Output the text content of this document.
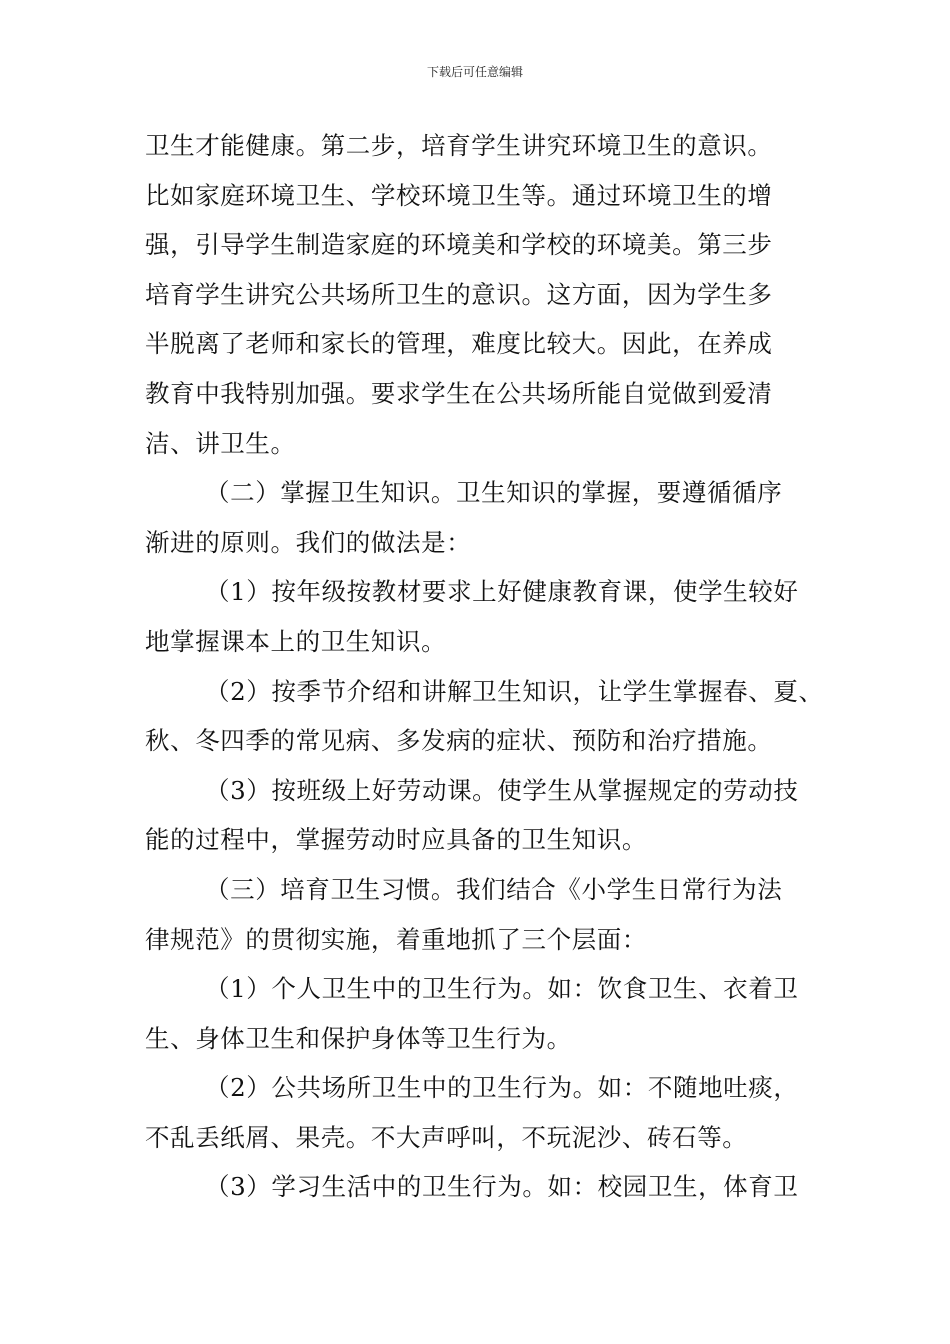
下载后可任意编辑
卫生才能健康。第二步，培育学生讲究环境卫生的意识。
比如家庭环境卫生、学校环境卫生等。通过环境卫生的增
强，引导学生制造家庭的环境美和学校的环境美。第三步
培育学生讲究公共场所卫生的意识。这方面，因为学生多
半脱离了老师和家长的管理，难度比较大。因此，在养成
教育中我特别加强。要求学生在公共场所能自觉做到爱清
洁、讲卫生。
（二）掌握卫生知识。卫生知识的掌握，要遵循循序
渐进的原则。我们的做法是：
（1）按年级按教材要求上好健康教育课，使学生较好
地掌握课本上的卫生知识。
（2）按季节介绍和讲解卫生知识，让学生掌握春、夏、
秋、冬四季的常见病、多发病的症状、预防和治疗措施。
（3）按班级上好劳动课。使学生从掌握规定的劳动技
能的过程中，掌握劳动时应具备的卫生知识。
（三）培育卫生习惯。我们结合《小学生日常行为法
律规范》的贯彻实施，着重地抓了三个层面：
（1）个人卫生中的卫生行为。如：饮食卫生、衣着卫
生、身体卫生和保护身体等卫生行为。
（2）公共场所卫生中的卫生行为。如：不随地吐痰，
不乱丢纸屑、果壳。不大声呼叫，不玩泥沙、砖石等。
（3）学习生活中的卫生行为。如：校园卫生，体育卫
